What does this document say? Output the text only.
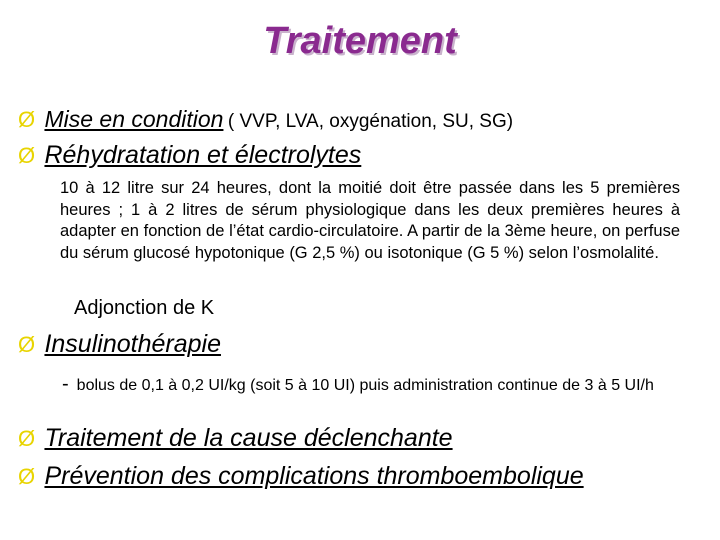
Traitement
Ø Mise en condition ( VVP, LVA, oxygénation, SU, SG)
Ø Réhydratation et électrolytes
10 à 12 litre sur 24 heures, dont la moitié doit être passée dans les 5 premières heures ; 1 à 2 litres de sérum physiologique dans les deux premières heures à adapter en fonction de l’état cardio-circulatoire. A partir de la 3ème heure, on perfuse du sérum glucosé hypotonique (G 2,5 %) ou isotonique (G 5 %) selon l’osmolalité.
Adjonction de K
Ø Insulinothérapie
- bolus de 0,1 à 0,2 UI/kg (soit 5 à 10 UI) puis administration continue de 3 à 5 UI/h
Ø Traitement de la cause déclenchante
Ø Prévention des complications thromboembolique
